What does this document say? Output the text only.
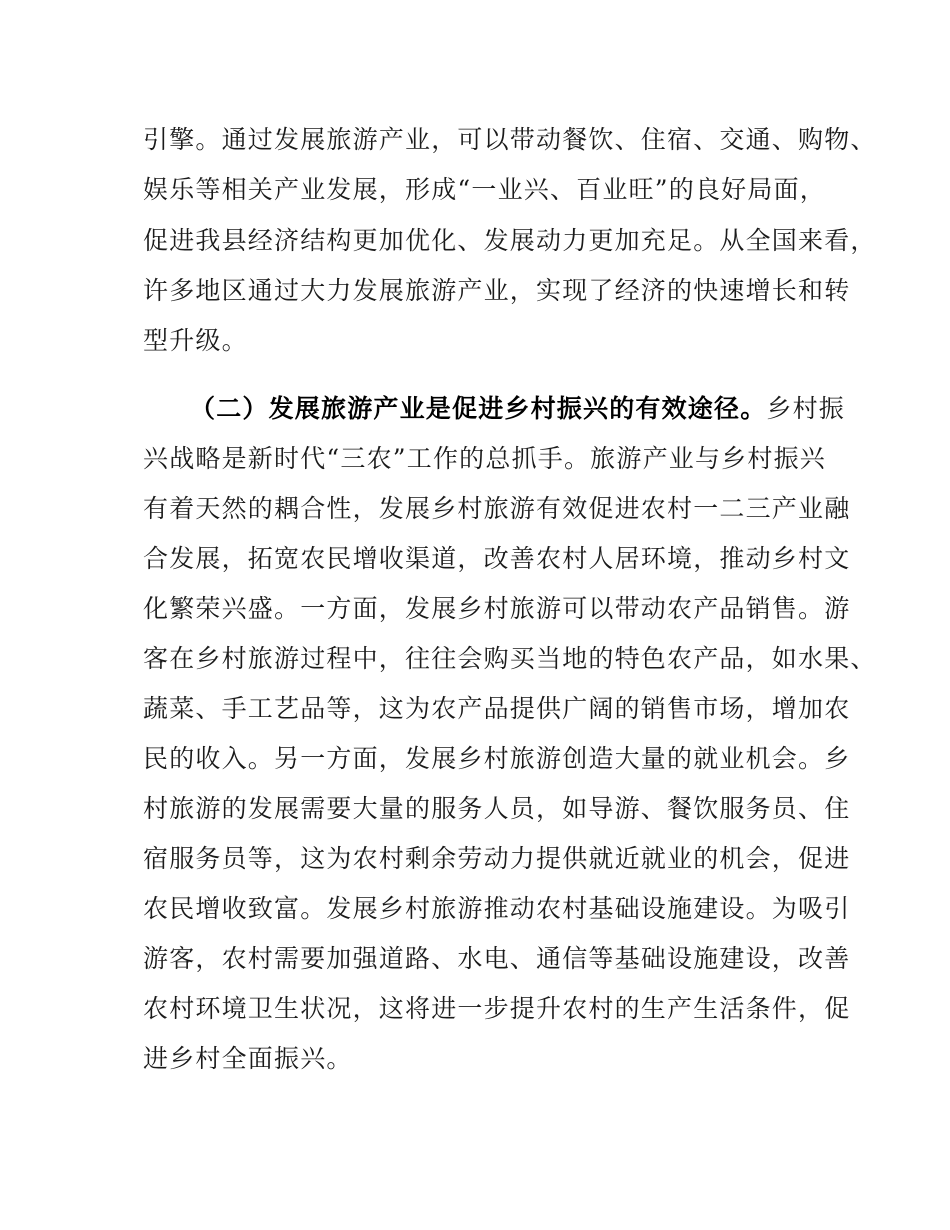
引擎。通过发展旅游产业，可以带动餐饮、住宿、交通、购物、
娱乐等相关产业发展，形成“一业兴、百业旺”的良好局面，
促进我县经济结构更加优化、发展动力更加充足。从全国来看，
许多地区通过大力发展旅游产业，实现了经济的快速增长和转
型升级。
（二）发展旅游产业是促进乡村振兴的有效途径。乡村振
兴战略是新时代“三农”工作的总抓手。旅游产业与乡村振兴
有着天然的耦合性，发展乡村旅游有效促进农村一二三产业融
合发展，拓宽农民增收渠道，改善农村人居环境，推动乡村文
化繁荣兴盛。一方面，发展乡村旅游可以带动农产品销售。游
客在乡村旅游过程中，往往会购买当地的特色农产品，如水果、
蔬菜、手工艺品等，这为农产品提供广阔的销售市场，增加农
民的收入。另一方面，发展乡村旅游创造大量的就业机会。乡
村旅游的发展需要大量的服务人员，如导游、餐饮服务员、住
宿服务员等，这为农村剩余劳动力提供就近就业的机会，促进
农民增收致富。发展乡村旅游推动农村基础设施建设。为吸引
游客，农村需要加强道路、水电、通信等基础设施建设，改善
农村环境卫生状况，这将进一步提升农村的生产生活条件，促
进乡村全面振兴。
